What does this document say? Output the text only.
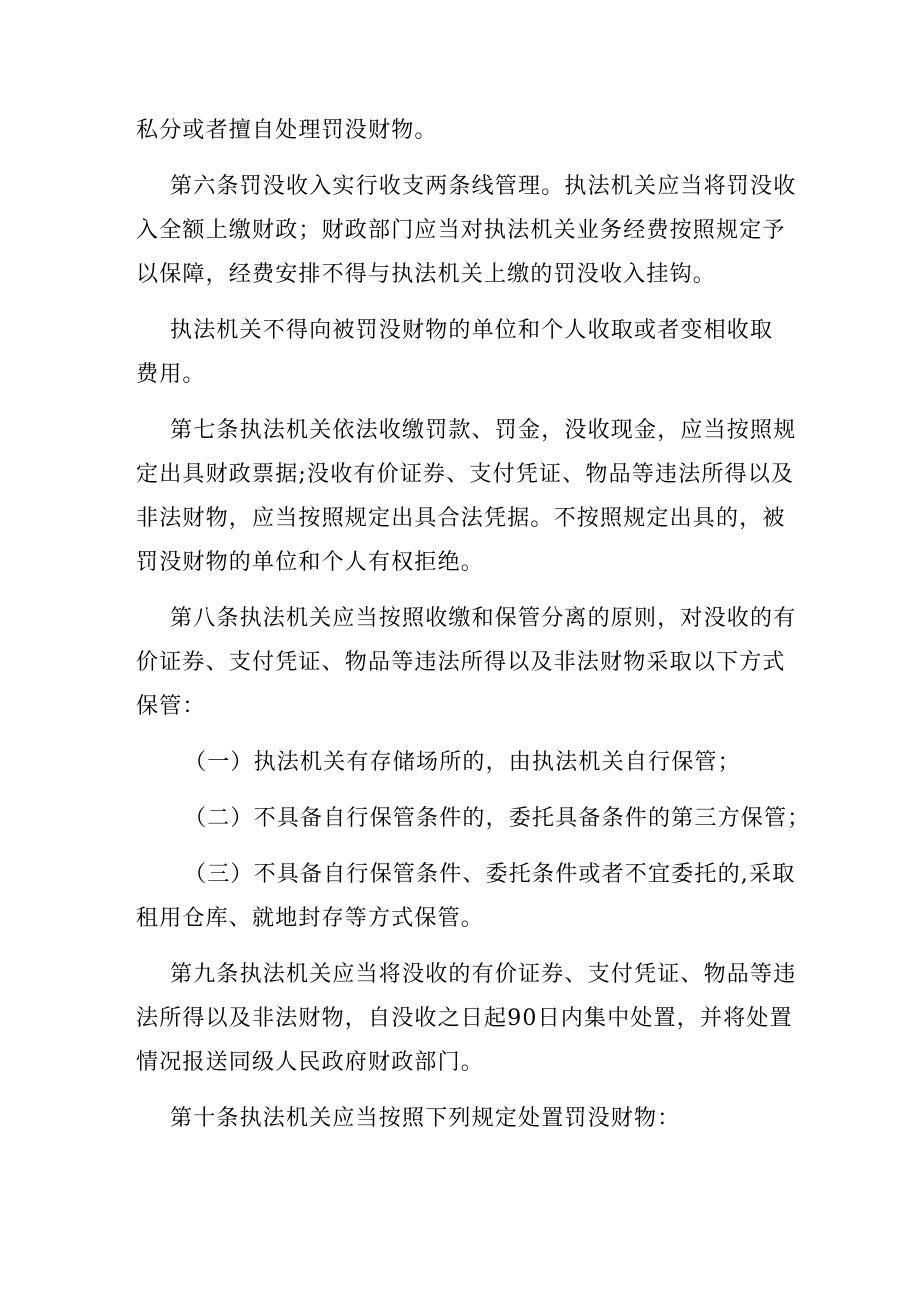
私分或者擅自处理罚没财物。

第六条罚没收入实行收支两条线管理。执法机关应当将罚没收
入全额上缴财政；财政部门应当对执法机关业务经费按照规定予
以保障，经费安排不得与执法机关上缴的罚没收入挂钩。

执法机关不得向被罚没财物的单位和个人收取或者变相收取
费用。

第七条执法机关依法收缴罚款、罚金，没收现金，应当按照规
定出具财政票据;没收有价证券、支付凭证、物品等违法所得以及
非法财物，应当按照规定出具合法凭据。不按照规定出具的，被
罚没财物的单位和个人有权拒绝。

第八条执法机关应当按照收缴和保管分离的原则，对没收的有
价证券、支付凭证、物品等违法所得以及非法财物采取以下方式
保管：

（一）执法机关有存储场所的，由执法机关自行保管；

（二）不具备自行保管条件的，委托具备条件的第三方保管；

（三）不具备自行保管条件、委托条件或者不宜委托的,采取
租用仓库、就地封存等方式保管。

第九条执法机关应当将没收的有价证券、支付凭证、物品等违
法所得以及非法财物，自没收之日起90日内集中处置，并将处置
情况报送同级人民政府财政部门。

第十条执法机关应当按照下列规定处置罚没财物：
